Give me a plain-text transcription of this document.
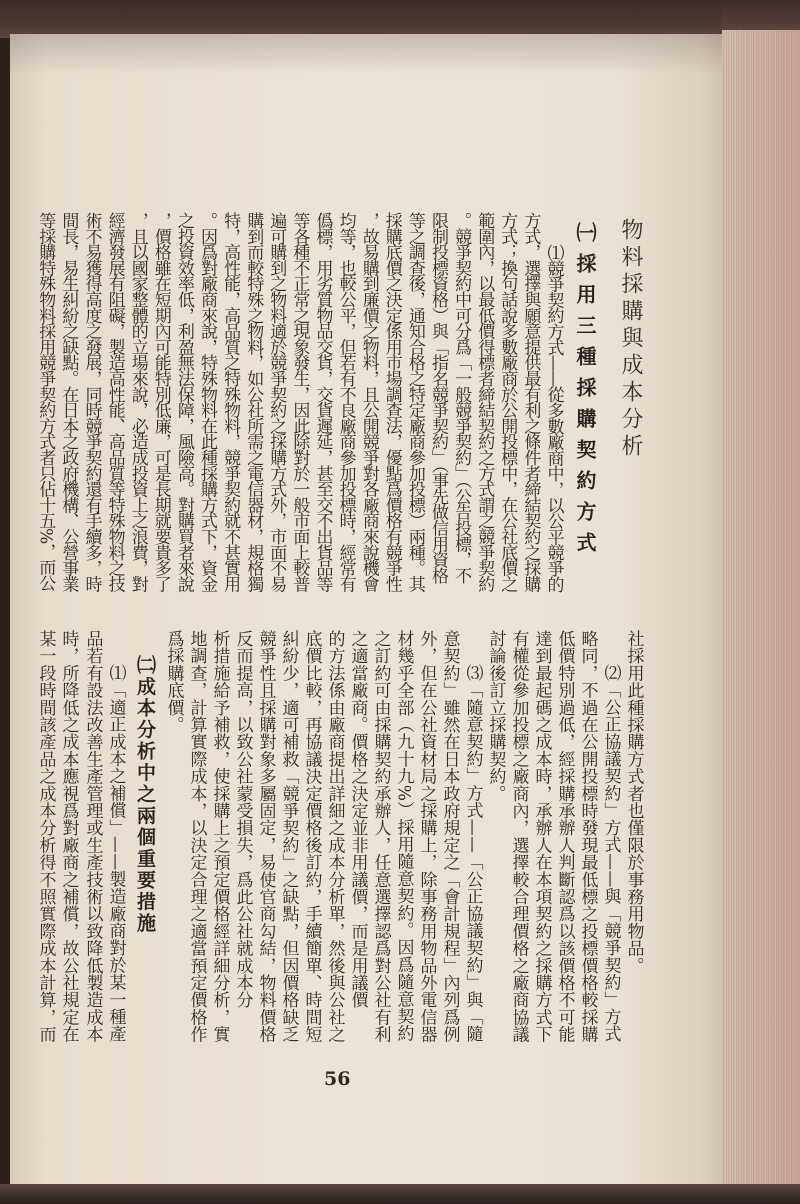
物料採購與成本分析
㈠採用三種採購契約方式
㈡成本分析中之兩個重要措施
⑴競爭契約方式——從多數廠商中，以公平競爭的
方式，選擇與願意提供最有利之條件者締結契約之採購
方式；換句話說多數廠商於公開投標中，在公社底價之
範圍內，以最低價得標者締結契約之方式謂之競爭契約
。競爭契約中可分爲「一般競爭契約」（公告投標，不
限制投標資格）與「指名競爭契約」（事先做信用資格
等之調查後，通知合格之特定廠商參加投標）兩種。其
採購底價之決定係用市場調查法，優點爲價格有競爭性
，故易購到廉價之物料，且公開競爭對各廠商來說機會
均等，也較公平，但若有不良廠商參加投標時，經常有
僞標，用劣質物品交貨，交貨遲延，甚至交不出貨品等
等各種不正常之現象發生，因此除對於一般市面上較普
遍可購到之物料適於競爭契約之採購方式外，市面不易
購到而較特殊之物料，如公社所需之電信器材，規格獨
特，高性能，高品質之特殊物料，競爭契約就不甚實用
。因爲對廠商來說，特殊物料在此種採購方式下，資金
之投資效率低，利盈無法保障，風險高。對購買者來說
，價格雖在短期內可能特別低廉，可是長期就要貴多了
，且以國家整體的立場來說，必造成投資上之浪費，對
經濟發展有阻礙，製造高性能、高品質等特殊物料之技
術不易獲得高度之發展，同時競爭契約還有手續多，時
間長，易生糾紛之缺點。在日本之政府機構、公營事業
等採購特殊物料採用競爭契約方式者只佔十五%，而公
社採用此種採購方式者也僅限於事務用物品。
⑵「公正協議契約」方式——與「競爭契約」方式
略同，不過在公開投標時發現最低標之投標價格較採購
低價特別過低，經採購承辦人判斷認爲以該價格不可能
達到最起碼之成本時，承辦人在本項契約之採購方式下
有權從參加投標之廠商內，選擇較合理價格之廠商協議
討論後訂立採購契約。
⑶「隨意契約」方式——「公正協議契約」與「隨
意契約」雖然在日本政府規定之「會計規程」內列爲例
外，但在公社資材局之採購上，除事務用物品外電信器
材幾乎全部（九十九%）採用隨意契約。因爲隨意契約
之訂約可由採購契約承辦人，任意選擇認爲對公社有利
之適當廠商。價格之決定並非用議價，而是用議價
的方法係由廠商提出詳細之成本分析單，然後與公社之
底價比較，再協議決定價格後訂約，手續簡單、時間短
糾紛少，適可補救「競爭契約」之缺點，但因價格缺乏
競爭性且採購對象多屬固定，易使官商勾結，物料價格
反而提高，以致公社蒙受損失，爲此公社就成本分
析措施給予補救，使採購上之預定價格經詳細分析，實
地調查，計算實際成本，以決定合理之適當預定價格作
爲採購底價。
⑴「適正成本之補償」——製造廠商對於某一種產
品若有設法改善生產管理或生產技術以致降低製造成本
時，所降低之成本應視爲對廠商之補償，故公社規定在
某一段時間該產品之成本分析得不照實際成本計算，而
56
